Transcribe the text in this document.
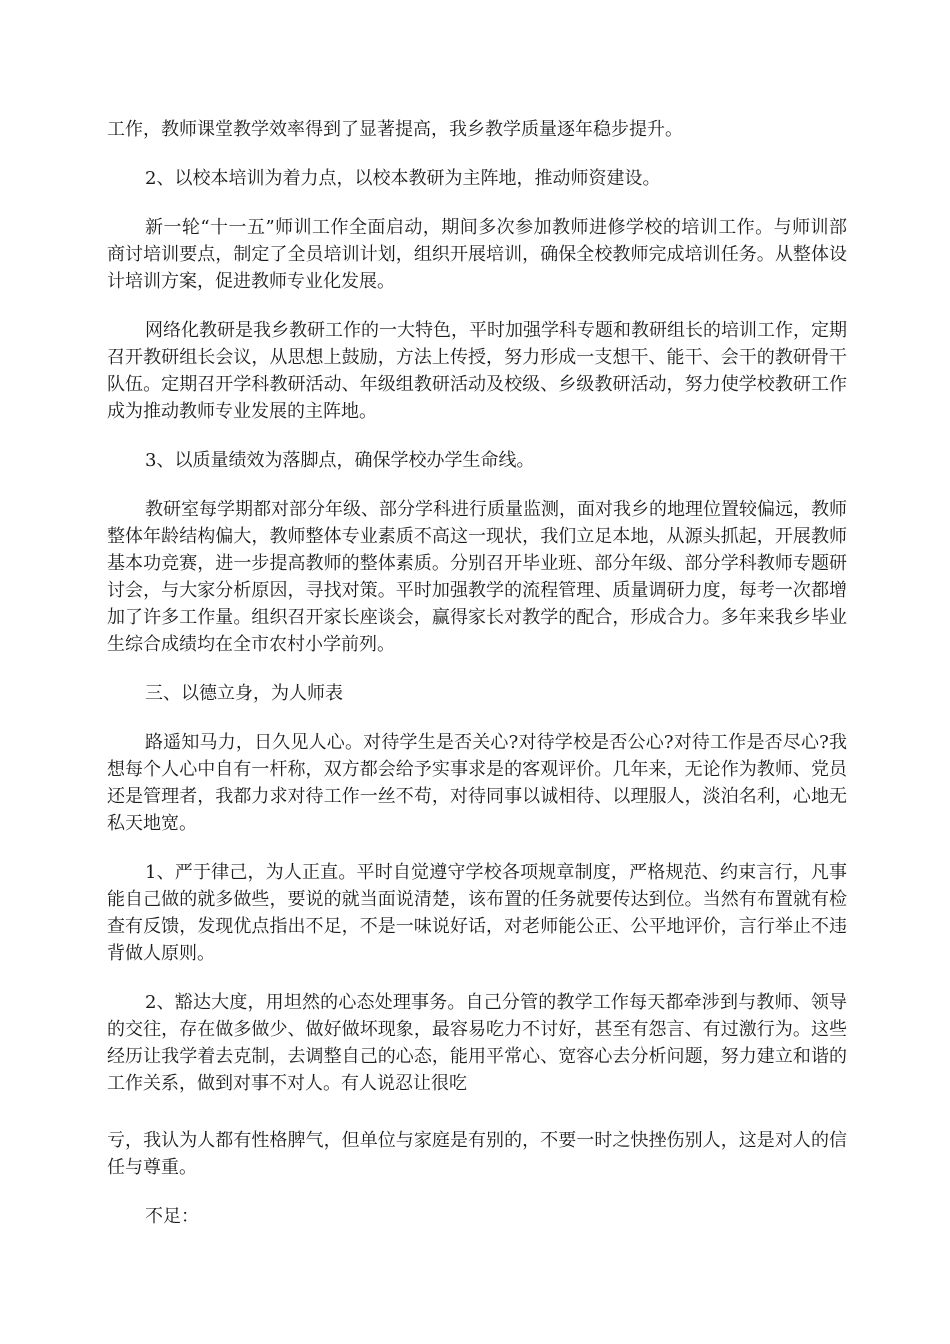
工作，教师课堂教学效率得到了显著提高，我乡教学质量逐年稳步提升。

2、以校本培训为着力点，以校本教研为主阵地，推动师资建设。

新一轮“十一五”师训工作全面启动，期间多次参加教师进修学校的培训工作。与师训部商讨培训要点，制定了全员培训计划，组织开展培训，确保全校教师完成培训任务。从整体设计培训方案，促进教师专业化发展。

网络化教研是我乡教研工作的一大特色，平时加强学科专题和教研组长的培训工作，定期召开教研组长会议，从思想上鼓励，方法上传授，努力形成一支想干、能干、会干的教研骨干队伍。定期召开学科教研活动、年级组教研活动及校级、乡级教研活动，努力使学校教研工作成为推动教师专业发展的主阵地。

3、以质量绩效为落脚点，确保学校办学生命线。

教研室每学期都对部分年级、部分学科进行质量监测，面对我乡的地理位置较偏远，教师整体年龄结构偏大，教师整体专业素质不高这一现状，我们立足本地，从源头抓起，开展教师基本功竞赛，进一步提高教师的整体素质。分别召开毕业班、部分年级、部分学科教师专题研讨会，与大家分析原因，寻找对策。平时加强教学的流程管理、质量调研力度，每考一次都增加了许多工作量。组织召开家长座谈会，赢得家长对教学的配合，形成合力。多年来我乡毕业生综合成绩均在全市农村小学前列。

三、以德立身，为人师表

路遥知马力，日久见人心。对待学生是否关心?对待学校是否公心?对待工作是否尽心?我想每个人心中自有一杆称，双方都会给予实事求是的客观评价。几年来，无论作为教师、党员还是管理者，我都力求对待工作一丝不苟，对待同事以诚相待、以理服人，淡泊名利，心地无私天地宽。

1、严于律己，为人正直。平时自觉遵守学校各项规章制度，严格规范、约束言行，凡事能自己做的就多做些，要说的就当面说清楚，该布置的任务就要传达到位。当然有布置就有检查有反馈，发现优点指出不足，不是一味说好话，对老师能公正、公平地评价，言行举止不违背做人原则。

2、豁达大度，用坦然的心态处理事务。自己分管的教学工作每天都牵涉到与教师、领导的交往，存在做多做少、做好做坏现象，最容易吃力不讨好，甚至有怨言、有过激行为。这些经历让我学着去克制，去调整自己的心态，能用平常心、宽容心去分析问题，努力建立和谐的工作关系，做到对事不对人。有人说忍让很吃

亏，我认为人都有性格脾气，但单位与家庭是有别的，不要一时之快挫伤别人，这是对人的信任与尊重。

不足：
